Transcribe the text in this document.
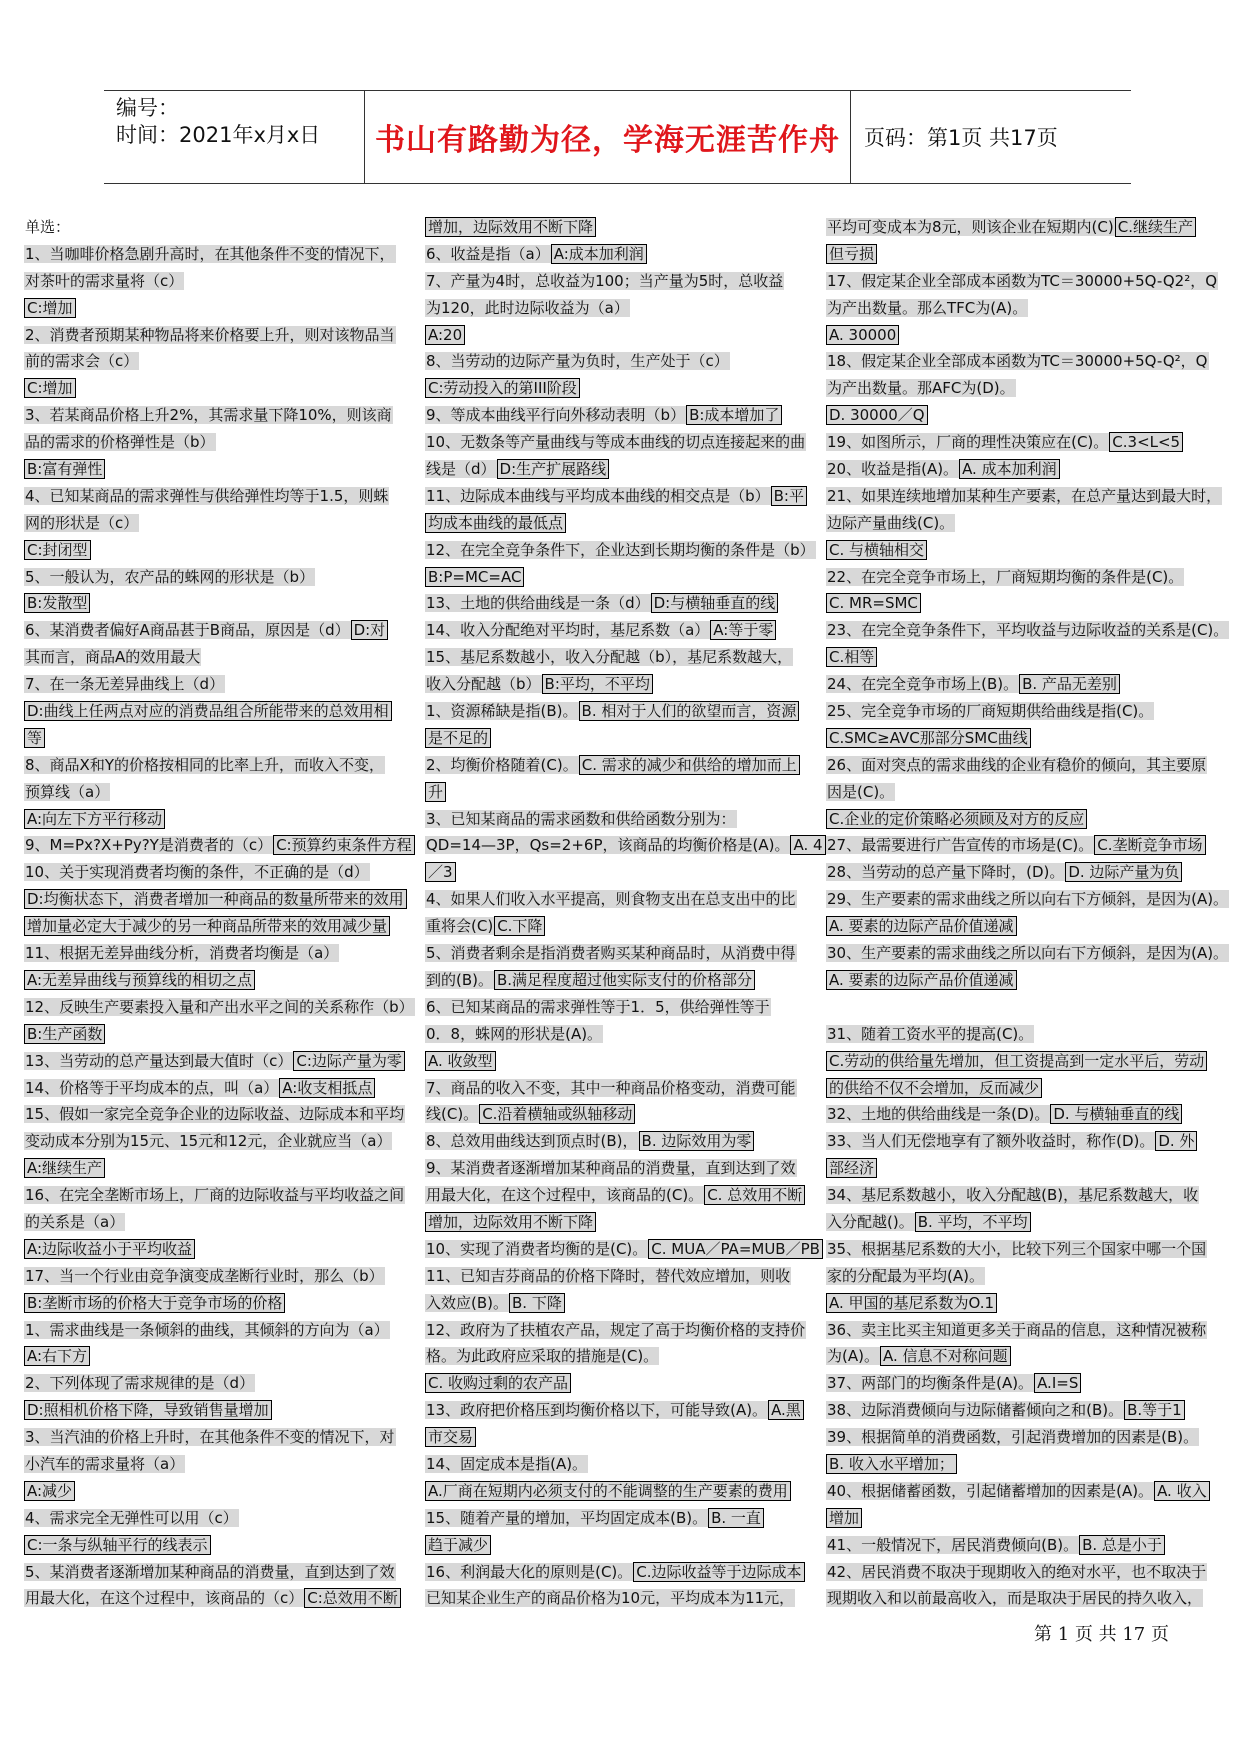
编号：
时间：2021年x月x日 书山有路勤为径，学海无涯苦作舟 页码：第1页 共17页
单选：
1、当咖啡价格急剧升高时，在其他条件不变的情况下，
对茶叶的需求量将（c）
C:增加
2、消费者预期某种物品将来价格要上升，则对该物品当
前的需求会（c）
C:增加
3、若某商品价格上升2%，其需求量下降10%，则该商
品的需求的价格弹性是（b）
B:富有弹性
4、已知某商品的需求弹性与供给弹性均等于1.5，则蛛
网的形状是（c）
C:封闭型
5、一般认为，农产品的蛛网的形状是（b）
B:发散型
6、某消费者偏好A商品甚于B商品，原因是（d） D:对
其而言，商品A的效用最大
7、在一条无差异曲线上（d）
D:曲线上任两点对应的消费品组合所能带来的总效用相
等
8、商品X和Y的价格按相同的比率上升，而收入不变，
预算线（a）
A:向左下方平行移动
9、M=Px?X+Py?Y是消费者的（c） C:预算约束条件方程
10、关于实现消费者均衡的条件，不正确的是（d）
D:均衡状态下，消费者增加一种商品的数量所带来的效用
增加量必定大于减少的另一种商品所带来的效用减少量
11、根据无差异曲线分析，消费者均衡是（a）
A:无差异曲线与预算线的相切之点
12、反映生产要素投入量和产出水平之间的关系称作（b）
B:生产函数
13、当劳动的总产量达到最大值时（c） C:边际产量为零
14、价格等于平均成本的点，叫（a） A:收支相抵点
15、假如一家完全竞争企业的边际收益、边际成本和平均
变动成本分别为15元、15元和12元，企业就应当（a）
A:继续生产
16、在完全垄断市场上，厂商的边际收益与平均收益之间
的关系是（a）
A:边际收益小于平均收益
17、当一个行业由竞争演变成垄断行业时，那么（b）
B:垄断市场的价格大于竞争市场的价格
1、需求曲线是一条倾斜的曲线，其倾斜的方向为（a）
A:右下方
2、下列体现了需求规律的是（d）
D:照相机价格下降，导致销售量增加
3、当汽油的价格上升时，在其他条件不变的情况下，对
小汽车的需求量将（a）
A:减少
4、需求完全无弹性可以用（c）
C:一条与纵轴平行的线表示
5、某消费者逐渐增加某种商品的消费量，直到达到了效
用最大化，在这个过程中，该商品的（c） C:总效用不断
增加，边际效用不断下降
6、收益是指（a） A:成本加利润
7、产量为4时，总收益为100；当产量为5时，总收益
为120，此时边际收益为（a）
A:20
8、当劳动的边际产量为负时，生产处于（c）
C:劳动投入的第III阶段
9、等成本曲线平行向外移动表明（b） B:成本增加了
10、无数条等产量曲线与等成本曲线的切点连接起来的曲
线是（d） D:生产扩展路线
11、边际成本曲线与平均成本曲线的相交点是（b） B:平
均成本曲线的最低点
12、在完全竞争条件下，企业达到长期均衡的条件是（b）
B:P=MC=AC
13、土地的供给曲线是一条（d） D:与横轴垂直的线
14、收入分配绝对平均时，基尼系数（a） A:等于零
15、基尼系数越小，收入分配越（b），基尼系数越大，
收入分配越（b） B:平均，不平均
1、资源稀缺是指(B)。 B. 相对于人们的欲望而言，资源
是不足的
2、均衡价格随着(C)。 C. 需求的减少和供给的增加而上
升
3、已知某商品的需求函数和供给函数分别为：
QD=14—3P，Qs=2+6P，该商品的均衡价格是(A)。 A. 4
／3
4、如果人们收入水平提高，则食物支出在总支出中的比
重将会(C) C.下降
5、消费者剩余是指消费者购买某种商品时，从消费中得
到的(B)。 B.满足程度超过他实际支付的价格部分
6、已知某商品的需求弹性等于1．5，供给弹性等于
0．8，蛛网的形状是(A)。
A. 收敛型
7、商品的收入不变，其中一种商品价格变动，消费可能
线(C)。 C.沿着横轴或纵轴移动
8、总效用曲线达到顶点时(B)， B. 边际效用为零
9、某消费者逐渐增加某种商品的消费量，直到达到了效
用最大化，在这个过程中，该商品的(C)。 C. 总效用不断
增加，边际效用不断下降
10、实现了消费者均衡的是(C)。 C. MUA／PA=MUB／PB
11、已知吉芬商品的价格下降时，替代效应增加，则收
入效应(B)。 B. 下降
12、政府为了扶植农产品，规定了高于均衡价格的支持价
格。为此政府应采取的措施是(C)。
C. 收购过剩的农产品
13、政府把价格压到均衡价格以下，可能导致(A)。 A.黑
市交易
14、固定成本是指(A)。
A.厂商在短期内必须支付的不能调整的生产要素的费用
15、随着产量的增加，平均固定成本(B)。 B. 一直
趋于减少
16、利润最大化的原则是(C)。 C.边际收益等于边际成本
已知某企业生产的商品价格为10元，平均成本为11元，
平均可变成本为8元，则该企业在短期内(C) C.继续生产
但亏损
17、假定某企业全部成本函数为TC＝30000+5Q-Q2²，Q
为产出数量。那么TFC为(A)。
A. 30000
18、假定某企业全部成本函数为TC＝30000+5Q-Q²，Q
为产出数量。那AFC为(D)。
D. 30000／Q
19、如图所示，厂商的理性决策应在(C)。 C.3<L<5
20、收益是指(A)。 A. 成本加利润
21、如果连续地增加某种生产要素，在总产量达到最大时，
边际产量曲线(C)。
C. 与横轴相交
22、在完全竞争市场上，厂商短期均衡的条件是(C)。
C. MR=SMC
23、在完全竞争条件下，平均收益与边际收益的关系是(C)。
C.相等
24、在完全竞争市场上(B)。 B. 产品无差别
25、完全竞争市场的厂商短期供给曲线是指(C)。
C.SMC≥AVC那部分SMC曲线
26、面对突点的需求曲线的企业有稳价的倾向，其主要原
因是(C)。
C.企业的定价策略必须顾及对方的反应
27、最需要进行广告宣传的市场是(C)。 C.垄断竞争市场
28、当劳动的总产量下降时，(D)。 D. 边际产量为负
29、生产要素的需求曲线之所以向右下方倾斜，是因为(A)。
A. 要素的边际产品价值递减
30、生产要素的需求曲线之所以向右下方倾斜，是因为(A)。
A. 要素的边际产品价值递减
31、随着工资水平的提高(C)。
C.劳动的供给量先增加，但工资提高到一定水平后，劳动
的供给不仅不会增加，反而减少
32、土地的供给曲线是一条(D)。 D. 与横轴垂直的线
33、当人们无偿地享有了额外收益时，称作(D)。 D. 外
部经济
34、基尼系数越小，收入分配越(B)，基尼系数越大，收
入分配越()。 B. 平均，不平均
35、根据基尼系数的大小，比较下列三个国家中哪一个国
家的分配最为平均(A)。
A. 甲国的基尼系数为O.1
36、卖主比买主知道更多关于商品的信息，这种情况被称
为(A)。 A. 信息不对称问题
37、两部门的均衡条件是(A)。 A.I=S
38、边际消费倾向与边际储蓄倾向之和(B)。 B.等于1
39、根据简单的消费函数，引起消费增加的因素是(B)。
B. 收入水平增加；
40、根据储蓄函数，引起储蓄增加的因素是(A)。 A. 收入
增加
41、一般情况下，居民消费倾向(B)。 B. 总是小于
42、居民消费不取决于现期收入的绝对水平，也不取决于
现期收入和以前最高收入，而是取决于居民的持久收入，
第 1 页 共 17 页
